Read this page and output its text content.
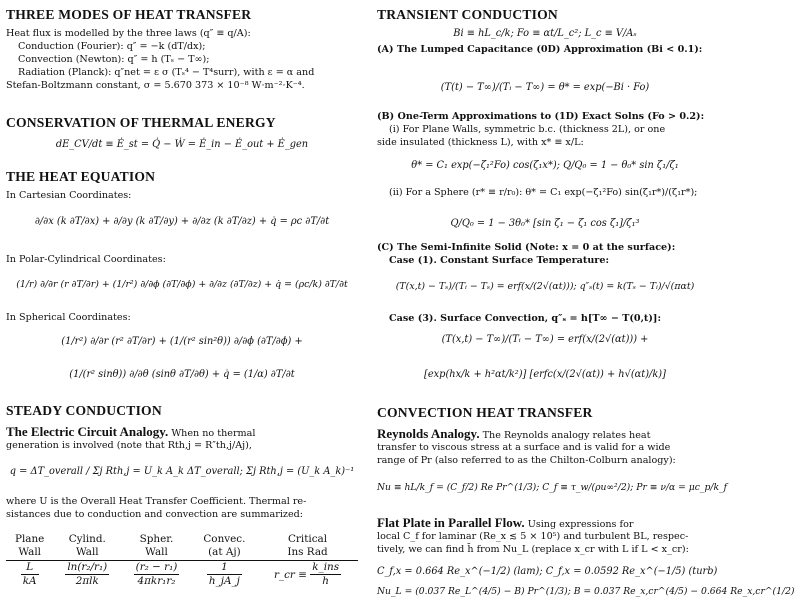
THREE MODES OF HEAT TRANSFER
Heat flux is modelled by the three laws (q″ ≡ q/A):
Conduction (Fourier): q″ = −k (dT/dx);
Convection (Newton): q″ = h (Tₛ − T∞);
Radiation (Planck): q″net = ε σ (Tₛ⁴ − T⁴surr), with ε = α and
Stefan-Boltzmann constant, σ = 5.670 373 × 10⁻⁸ W·m⁻²·K⁻⁴.
CONSERVATION OF THERMAL ENERGY
dE_CV/dt ≡ Ė_st = Q̇ − Ẇ = Ė_in − Ė_out + Ė_gen
THE HEAT EQUATION
In Cartesian Coordinates:
∂/∂x (k ∂T/∂x) + ∂/∂y (k ∂T/∂y) + ∂/∂z (k ∂T/∂z) + q̇ = ρc ∂T/∂t
In Polar-Cylindrical Coordinates:
(1/r) ∂/∂r (r ∂T/∂r) + (1/r²) ∂/∂ϕ (∂T/∂ϕ) + ∂/∂z (∂T/∂z) + q̇ = (ρc/k) ∂T/∂t
In Spherical Coordinates:
(1/r²) ∂/∂r (r² ∂T/∂r) + (1/(r² sin²θ)) ∂/∂ϕ (∂T/∂ϕ) +
(1/(r² sinθ)) ∂/∂θ (sinθ ∂T/∂θ) + q̇ = (1/α) ∂T/∂t
STEADY CONDUCTION
The Electric Circuit Analogy. When no thermal
generation is involved (note that Rth,j = R″th,j/Aj),
q = ΔT_overall / Σj Rth,j = U_k A_k ΔT_overall; Σj Rth,j = (U_k A_k)⁻¹
where U is the Overall Heat Transfer Coefficient. Thermal re-
sistances due to conduction and convection are summarized:
Plane	Cylind.	Spher.	Convec.	Critical
Wall	Wall	Wall	(at Aj)	Ins Rad

$\frac{L}{kA}$	$\frac{\text{ln(r₂/r₁)}}{\text{2πlk}}$	$\frac{\text{(r₂ − r₁)}}{\text{4πkr₁r₂}}$	$\frac{1}{h\_jA\_j}$	r_cr ≡ $\frac{\text{k\_ins}}{h}$
TRANSIENT CONDUCTION
Bi ≡ hL_c/k; Fo ≡ αt/L_c²; L_c ≡ V/Aₛ
(A) The Lumped Capacitance (0D) Approximation (Bi < 0.1):
(T(t) − T∞)/(Tᵢ − T∞) = θ* = exp(−Bi · Fo)
(B) One-Term Approximations to (1D) Exact Solns (Fo > 0.2):
(i) For Plane Walls, symmetric b.c. (thickness 2L), or one
side insulated (thickness L), with x* ≡ x/L:
θ* = C₁ exp(−ζ₁²Fo) cos(ζ₁x*); Q/Q₀ = 1 − θ₀* sin ζ₁/ζ₁
(ii) For a Sphere (r* ≡ r/r₀): θ* = C₁ exp(−ζ₁²Fo) sin(ζ₁r*)/(ζ₁r*);
Q/Q₀ = 1 − 3θ₀* [sin ζ₁ − ζ₁ cos ζ₁]/ζ₁³
(C) The Semi-Infinite Solid (Note: x = 0 at the surface):
Case (1). Constant Surface Temperature:
(T(x,t) − Tₛ)/(Tᵢ − Tₛ) = erf(x/(2√(αt))); q″ₛ(t) = k(Tₛ − Tᵢ)/√(παt)
Case (3). Surface Convection, q″ₛ = h[T∞ − T(0,t)]:
(T(x,t) − T∞)/(Tᵢ − T∞) = erf(x/(2√(αt))) +
[exp(hx/k + h²αt/k²)] [erfc(x/(2√(αt)) + h√(αt)/k)]
CONVECTION HEAT TRANSFER
Reynolds Analogy. The Reynolds analogy relates heat
transfer to viscous stress at a surface and is valid for a wide
range of Pr (also referred to as the Chilton-Colburn analogy):
Nu ≡ hL/k_f = (C_f/2) Re Pr^(1/3); C_f ≡ τ_w/(ρu∞²/2); Pr ≡ ν/α = μc_p/k_f
Flat Plate in Parallel Flow. Using expressions for
local C_f for laminar (Re_x ≲ 5 × 10⁵) and turbulent BL, respec-
tively, we can find h̄ from Nu_L (replace x_cr with L if L < x_cr):
C_f,x = 0.664 Re_x^(−1/2) (lam); C_f,x = 0.0592 Re_x^(−1/5) (turb)
Nu_L = (0.037 Re_L^(4/5) − B) Pr^(1/3); B = 0.037 Re_x,cr^(4/5) − 0.664 Re_x,cr^(1/2)
